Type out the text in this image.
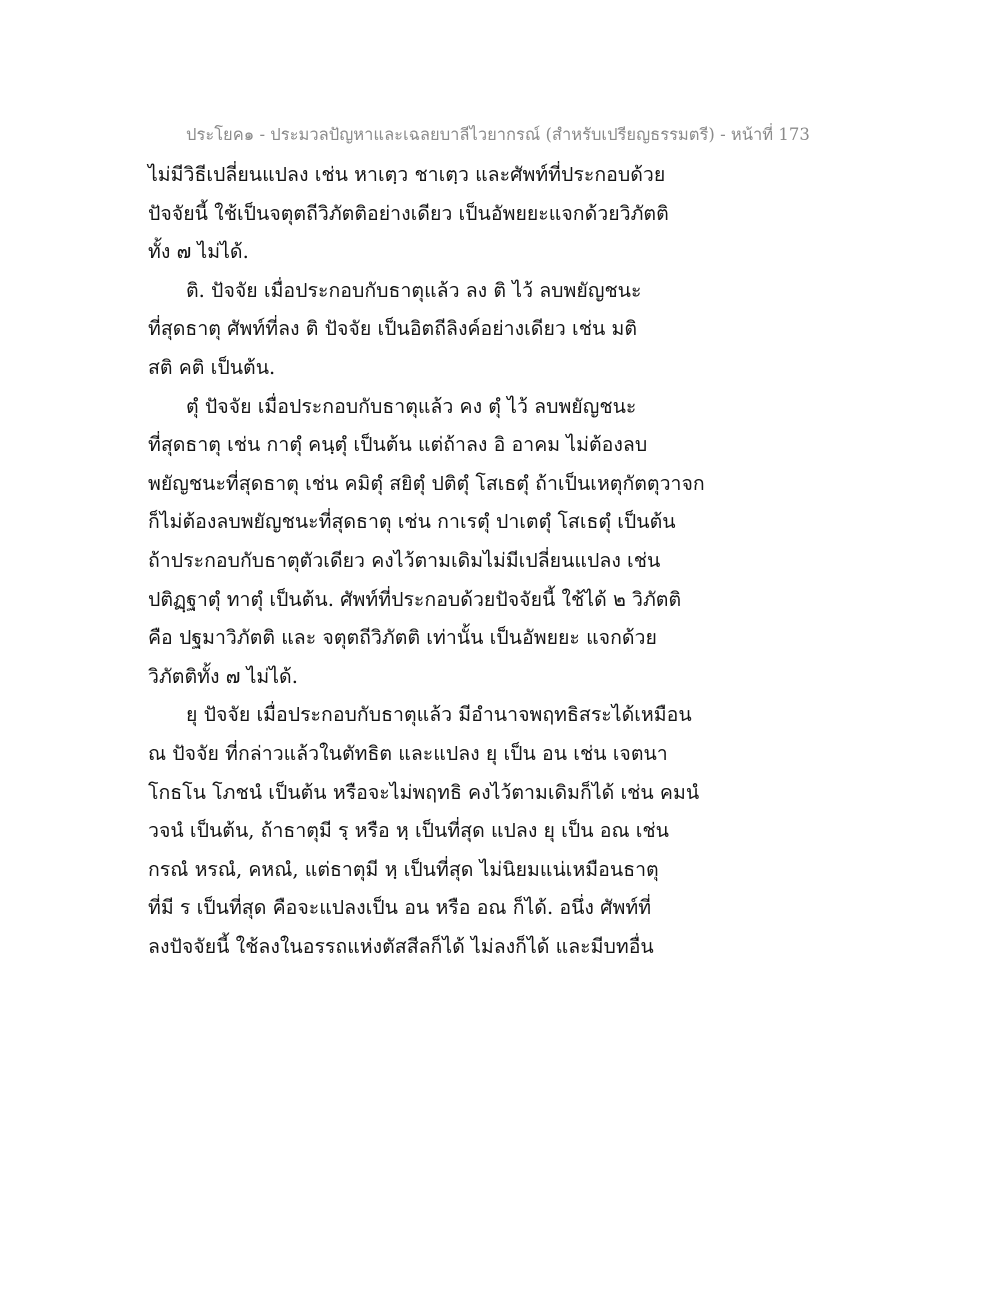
ประโยค๑ - ประมวลปัญหาและเฉลยบาลีไวยากรณ์ (สำหรับเปรียญธรรมตรี) - หน้าที่ 173
ไม่มีวิธีเปลี่ยนแปลง เช่น หาเตฺว ชาเตฺว และศัพท์ที่ประกอบด้วย
ปัจจัยนี้ ใช้เป็นจตุตถีวิภัตติอย่างเดียว เป็นอัพยยะแจกด้วยวิภัตติ
ทั้ง ๗ ไม่ได้.
ติ. ปัจจัย เมื่อประกอบกับธาตุแล้ว ลง ติ ไว้ ลบพยัญชนะ
ที่สุดธาตุ ศัพท์ที่ลง ติ ปัจจัย เป็นอิตถีลิงค์อย่างเดียว เช่น มติ
สติ คติ เป็นต้น.
ตุํ ปัจจัย เมื่อประกอบกับธาตุแล้ว คง ตุํ ไว้ ลบพยัญชนะ
ที่สุดธาตุ เช่น กาตุํ คนฺตุํ เป็นต้น แต่ถ้าลง อิ อาคม ไม่ต้องลบ
พยัญชนะที่สุดธาตุ เช่น คมิตุํ สยิตุํ ปติตุํ โสเธตุํ ถ้าเป็นเหตุกัตตุวาจก
ก็ไม่ต้องลบพยัญชนะที่สุดธาตุ เช่น กาเรตุํ ปาเตตุํ โสเธตุํ เป็นต้น
ถ้าประกอบกับธาตุตัวเดียว คงไว้ตามเดิมไม่มีเปลี่ยนแปลง เช่น
ปติฏฺฐาตุํ ทาตุํ เป็นต้น. ศัพท์ที่ประกอบด้วยปัจจัยนี้ ใช้ได้ ๒ วิภัตติ
คือ ปฐมาวิภัตติ และ จตุตถีวิภัตติ เท่านั้น เป็นอัพยยะ แจกด้วย
วิภัตติทั้ง ๗ ไม่ได้.
ยุ ปัจจัย เมื่อประกอบกับธาตุแล้ว มีอำนาจพฤทธิสระได้เหมือน
ณ ปัจจัย ที่กล่าวแล้วในตัทธิต และแปลง ยุ เป็น อน เช่น เจตนา
โกธโน โภชนํ เป็นต้น หรือจะไม่พฤทธิ คงไว้ตามเดิมก็ได้ เช่น คมนํ
วจนํ เป็นต้น, ถ้าธาตุมี รฺ หรือ หฺ เป็นที่สุด แปลง ยุ เป็น อณ เช่น
กรณํ หรณํ, คหณํ, แต่ธาตุมี หฺ เป็นที่สุด ไม่นิยมแน่เหมือนธาตุ
ที่มี ร เป็นที่สุด คือจะแปลงเป็น อน หรือ อณ ก็ได้. อนึ่ง ศัพท์ที่
ลงปัจจัยนี้ ใช้ลงในอรรถแห่งตัสสีลก็ได้ ไม่ลงก็ได้ และมีบทอื่น
